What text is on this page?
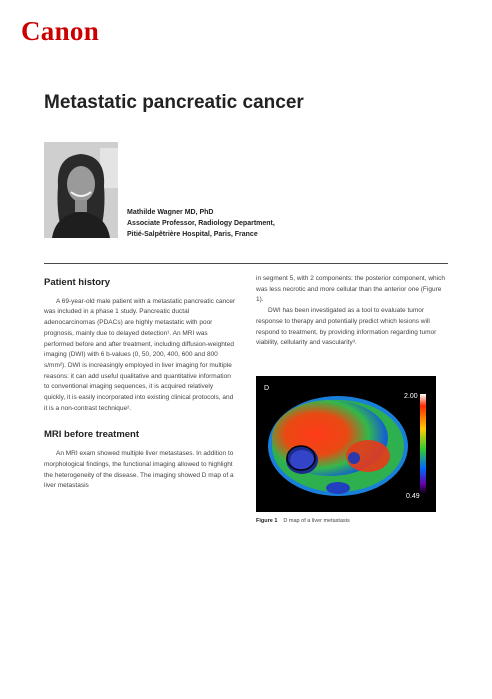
Canon
Metastatic pancreatic cancer
Mathilde Wagner MD, PhD
Associate Professor, Radiology Department,
Pitié-Salpêtrière Hospital, Paris, France
Patient history

A 69-year-old male patient with a metastatic pancreatic cancer was included in a phase 1 study. Pancreatic ductal adenocarcinomas (PDACs) are highly metastatic with poor prognosis, mainly due to delayed detection¹. An MRI was performed before and after treatment, including diffusion-weighted imaging (DWI) with 6 b-values (0, 50, 200, 400, 600 and 800 s/mm²). DWI is increasingly employed in liver imaging for multiple reasons: it can add useful qualitative and quantitative information to conventional imaging sequences, it is acquired relatively quickly, it is easily incorporated into existing clinical protocols, and it is a non-contrast technique².

MRI before treatment

An MRI exam showed multiple liver metastases. In addition to morphological findings, the functional imaging allowed to highlight the heterogeneity of the disease. The imaging showed D map of a liver metastasis

in segment 5, with 2 components: the posterior component, which was less necrotic and more cellular than the anterior one (Figure 1).

DWI has been investigated as a tool to evaluate tumor response to therapy and potentially predict which lesions will respond to treatment, by providing information regarding tumor viability, cellularity and vascularity³.

D
2.00
0.49
Figure 1 D map of a liver metastasis
